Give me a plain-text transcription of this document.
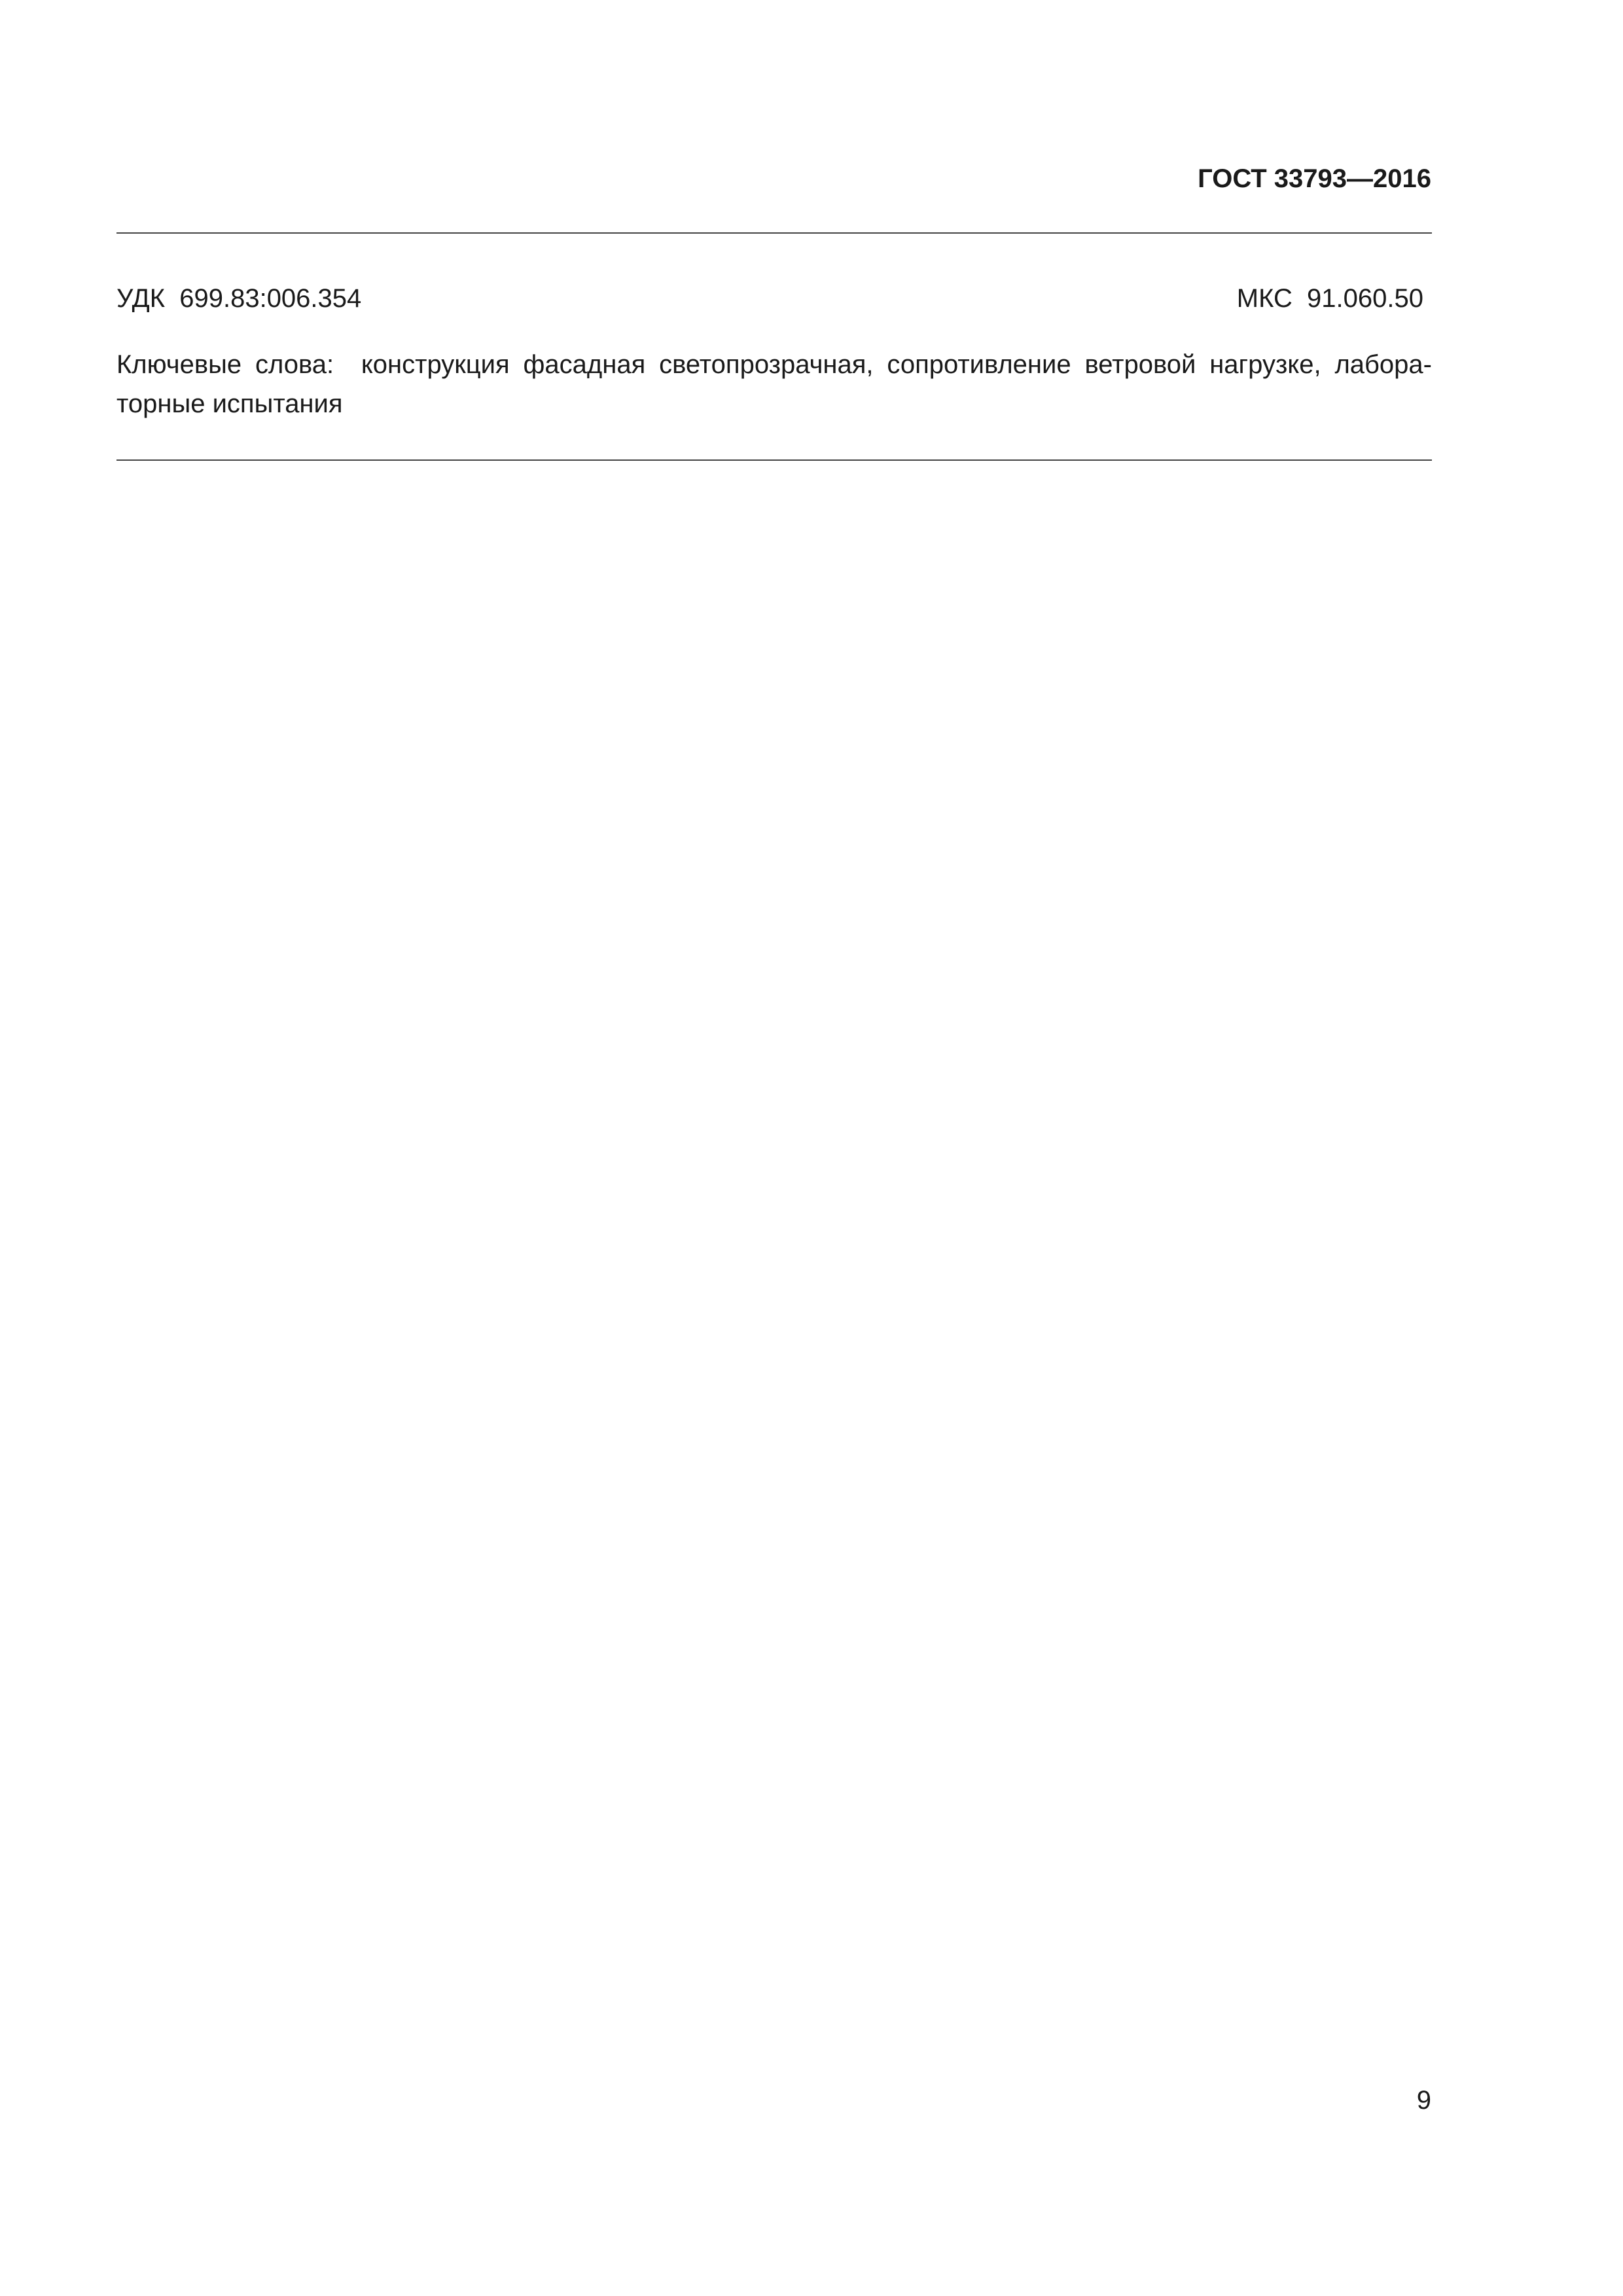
ГОСТ 33793—2016
УДК  699.83:006.354	МКС  91.060.50
Ключевые слова:  конструкция фасадная светопрозрачная, сопротивление ветровой нагрузке, лабора-
торные испытания
9
